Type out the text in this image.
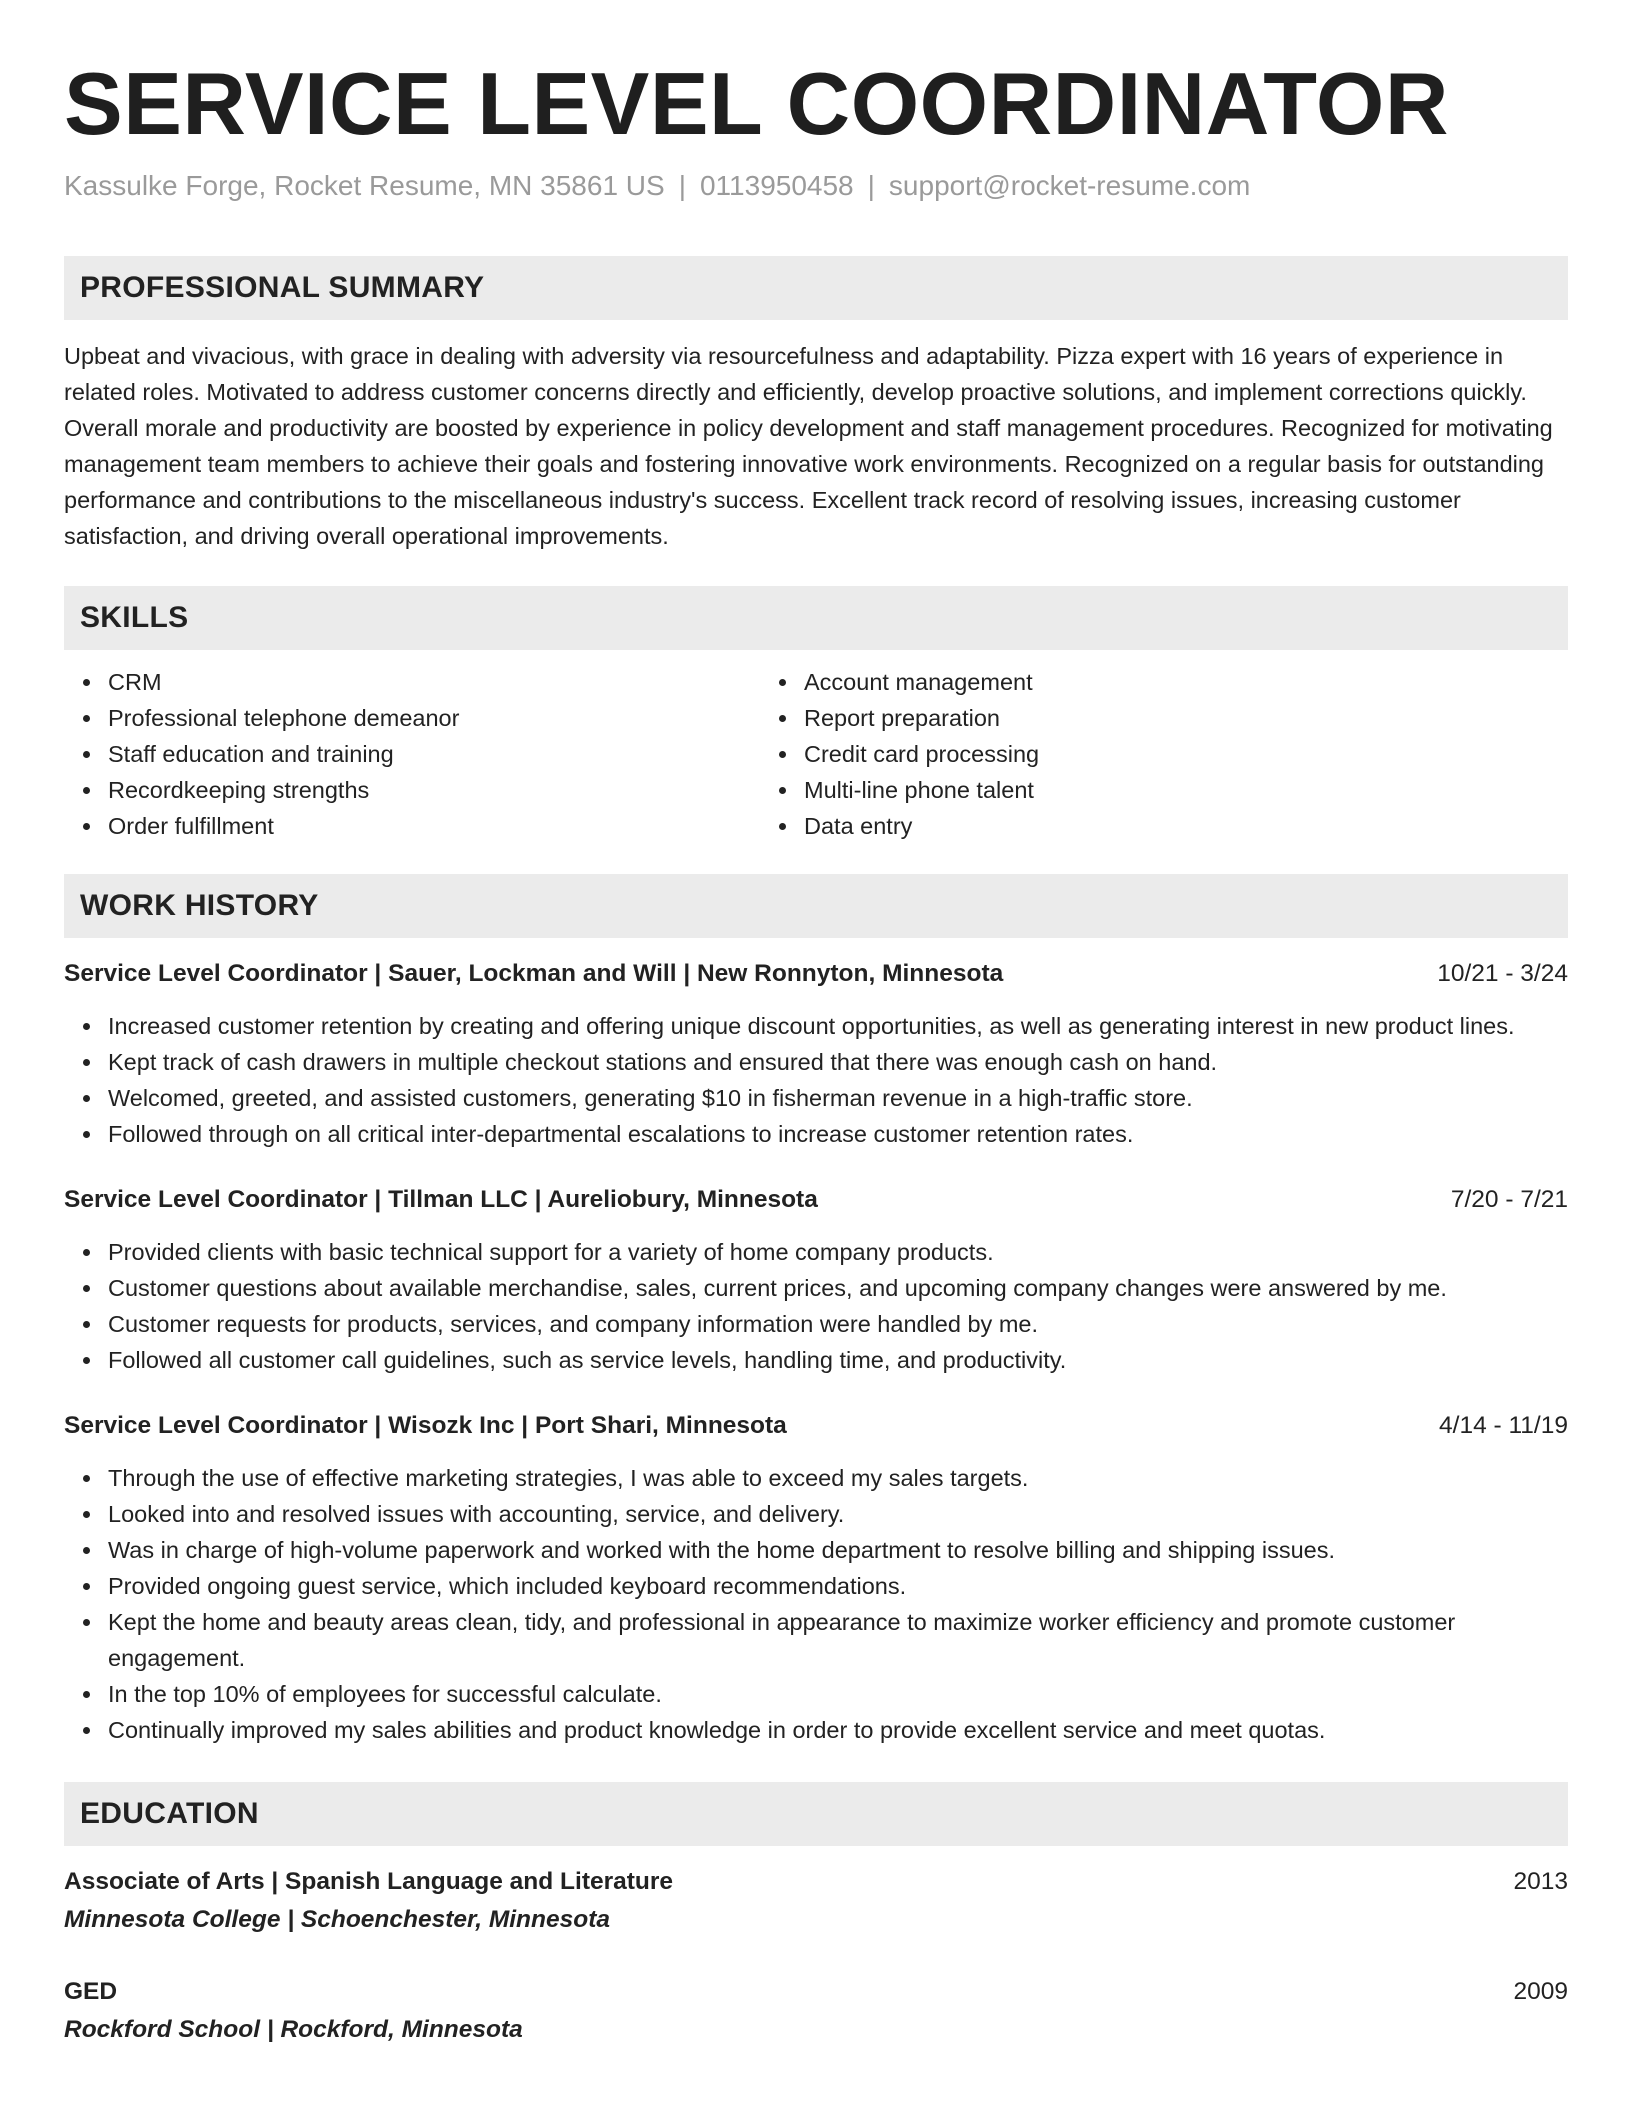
SERVICE LEVEL COORDINATOR
Kassulke Forge, Rocket Resume, MN 35861 US | 0113950458 | support@rocket-resume.com
PROFESSIONAL SUMMARY
Upbeat and vivacious, with grace in dealing with adversity via resourcefulness and adaptability. Pizza expert with 16 years of experience in related roles. Motivated to address customer concerns directly and efficiently, develop proactive solutions, and implement corrections quickly. Overall morale and productivity are boosted by experience in policy development and staff management procedures. Recognized for motivating management team members to achieve their goals and fostering innovative work environments. Recognized on a regular basis for outstanding performance and contributions to the miscellaneous industry's success. Excellent track record of resolving issues, increasing customer satisfaction, and driving overall operational improvements.
SKILLS
CRM
Professional telephone demeanor
Staff education and training
Recordkeeping strengths
Order fulfillment
Account management
Report preparation
Credit card processing
Multi-line phone talent
Data entry
WORK HISTORY
Service Level Coordinator | Sauer, Lockman and Will | New Ronnyton, Minnesota	10/21 - 3/24
Increased customer retention by creating and offering unique discount opportunities, as well as generating interest in new product lines.
Kept track of cash drawers in multiple checkout stations and ensured that there was enough cash on hand.
Welcomed, greeted, and assisted customers, generating $10 in fisherman revenue in a high-traffic store.
Followed through on all critical inter-departmental escalations to increase customer retention rates.
Service Level Coordinator | Tillman LLC | Aureliobury, Minnesota	7/20 - 7/21
Provided clients with basic technical support for a variety of home company products.
Customer questions about available merchandise, sales, current prices, and upcoming company changes were answered by me.
Customer requests for products, services, and company information were handled by me.
Followed all customer call guidelines, such as service levels, handling time, and productivity.
Service Level Coordinator | Wisozk Inc | Port Shari, Minnesota	4/14 - 11/19
Through the use of effective marketing strategies, I was able to exceed my sales targets.
Looked into and resolved issues with accounting, service, and delivery.
Was in charge of high-volume paperwork and worked with the home department to resolve billing and shipping issues.
Provided ongoing guest service, which included keyboard recommendations.
Kept the home and beauty areas clean, tidy, and professional in appearance to maximize worker efficiency and promote customer engagement.
In the top 10% of employees for successful calculate.
Continually improved my sales abilities and product knowledge in order to provide excellent service and meet quotas.
EDUCATION
Associate of Arts | Spanish Language and Literature	2013
Minnesota College | Schoenchester, Minnesota
GED	2009
Rockford School | Rockford, Minnesota
